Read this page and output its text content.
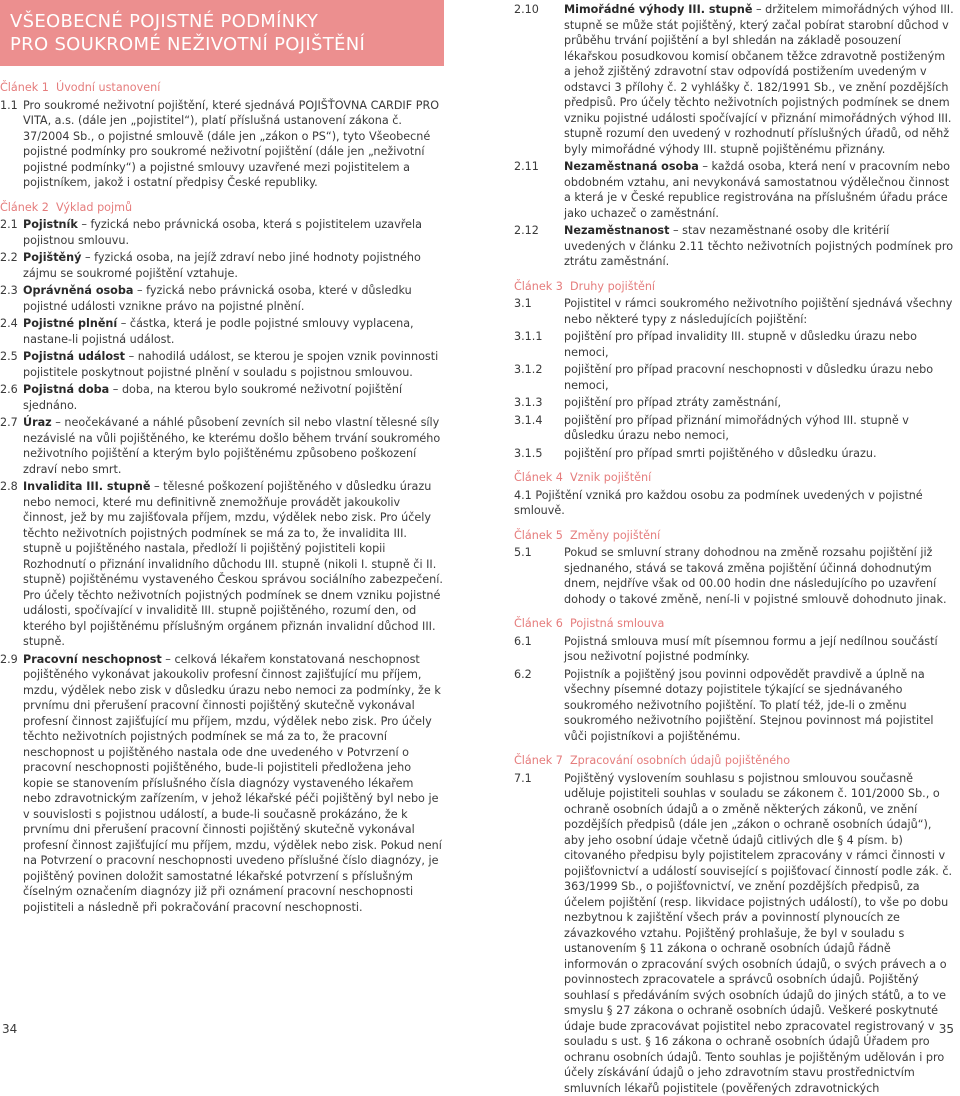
VŠEOBECNÉ POJISTNÉ PODMÍNKY
PRO SOUKROMÉ NEŽIVOTNÍ POJIŠTĚNÍ
Článek 1 Úvodní ustanovení
1.1 Pro soukromé neživotní pojištění, které sjednává POJIŠŤOVNA CARDIF PRO VITA, a.s. (dále jen „pojistitel“), platí příslušná ustanovení zákona č. 37/2004 Sb., o pojistné smlouvě (dále jen „zákon o PS“), tyto Všeobecné pojistné podmínky pro soukromé neživotní pojištění (dále jen „neživotní pojistné podmínky“) a pojistné smlouvy uzavřené mezi pojistitelem a pojistníkem, jakož i ostatní předpisy České republiky.
Článek 2 Výklad pojmů
2.1 Pojistník – fyzická nebo právnická osoba, která s pojistitelem uzavřela pojistnou smlouvu.
2.2 Pojištěný – fyzická osoba, na jejíž zdraví nebo jiné hodnoty pojistného zájmu se soukromé pojištění vztahuje.
2.3 Oprávněná osoba – fyzická nebo právnická osoba, které v důsledku pojistné události vznikne právo na pojistné plnění.
2.4 Pojistné plnění – částka, která je podle pojistné smlouvy vyplacena, nastane-li pojistná událost.
2.5 Pojistná událost – nahodilá událost, se kterou je spojen vznik povinnosti pojistitele poskytnout pojistné plnění v souladu s pojistnou smlouvou.
2.6 Pojistná doba – doba, na kterou bylo soukromé neživotní pojištění sjednáno.
2.7 Úraz – neočekávané a náhlé působení zevních sil nebo vlastní tělesné síly nezávislé na vůli pojištěného, ke kterému došlo během trvání soukromého neživotního pojištění a kterým bylo pojištěnému způsobeno poškození zdraví nebo smrt.
2.8 Invalidita III. stupně – tělesné poškození pojištěného v důsledku úrazu nebo nemoci, které mu definitivně znemožňuje provádět jakoukoliv činnost, jež by mu zajišťovala příjem, mzdu, výdělek nebo zisk. Pro účely těchto neživotních pojistných podmínek se má za to, že invalidita III. stupně u pojištěného nastala, předloží li pojištěný pojistiteli kopii Rozhodnutí o přiznání invalidního důchodu III. stupně (nikoli I. stupně či II. stupně) pojištěnému vystaveného Českou správou sociálního zabezpečení. Pro účely těchto neživotních pojistných podmínek se dnem vzniku pojistné události, spočívající v invaliditě III. stupně pojištěného, rozumí den, od kterého byl pojištěnému příslušným orgánem přiznán invalidní důchod III. stupně.
2.9 Pracovní neschopnost – celková lékařem konstatovaná neschopnost pojištěného vykonávat jakoukoliv profesní činnost zajišťující mu příjem, mzdu, výdělek nebo zisk v důsledku úrazu nebo nemoci za podmínky, že k prvnímu dni přerušení pracovní činnosti pojištěný skutečně vykonával profesní činnost zajišťující mu příjem, mzdu, výdělek nebo zisk. Pro účely těchto neživotních pojistných podmínek se má za to, že pracovní neschopnost u pojištěného nastala ode dne uvedeného v Potvrzení o pracovní neschopnosti pojištěného, bude-li pojistiteli předložena jeho kopie se stanovením příslušného čísla diagnózy vystaveného lékařem nebo zdravotnickým zařízením, v jehož lékařské péči pojištěný byl nebo je v souvislosti s pojistnou událostí, a bude-li současně prokázáno, že k prvnímu dni přerušení pracovní činnosti pojištěný skutečně vykonával profesní činnost zajišťující mu příjem, mzdu, výdělek nebo zisk. Pokud není na Potvrzení o pracovní neschopnosti uvedeno příslušné číslo diagnózy, je pojištěný povinen doložit samostatné lékařské potvrzení s příslušným číselným označením diagnózy již při oznámení pracovní neschopnosti pojistiteli a následně při pokračování pracovní neschopnosti.
2.10	Mimořádné výhody III. stupně – držitelem mimořádných výhod III. stupně se může stát pojištěný, který začal pobírat starobní důchod v průběhu trvání pojištění a byl shledán na základě posouzení lékařskou posudkovou komisí občanem těžce zdravotně postiženým a jehož zjištěný zdravotní stav odpovídá postižením uvedeným v odstavci 3 přílohy č. 2 vyhlášky č. 182/1991 Sb., ve znění pozdějších předpisů. Pro účely těchto neživotních pojistných podmínek se dnem vzniku pojistné události spočívající v přiznání mimořádných výhod III. stupně rozumí den uvedený v rozhodnutí příslušných úřadů, od něhž byly mimořádné výhody III. stupně pojištěnému přiznány.
2.11	Nezaměstnaná osoba – každá osoba, která není v pracovním nebo obdobném vztahu, ani nevykonává samostatnou výdělečnou činnost a která je v České republice registrována na příslušném úřadu práce jako uchazeč o zaměstnání.
2.12	Nezaměstnanost – stav nezaměstnané osoby dle kritérií uvedených v článku 2.11 těchto neživotních pojistných podmínek pro ztrátu zaměstnání.
Článek 3 Druhy pojištění
3.1	Pojistitel v rámci soukromého neživotního pojištění sjednává všechny nebo některé typy z následujících pojištění:
3.1.1	pojištění pro případ invalidity III. stupně v důsledku úrazu nebo nemoci,
3.1.2	pojištění pro případ pracovní neschopnosti v důsledku úrazu nebo nemoci,
3.1.3	pojištění pro případ ztráty zaměstnání,
3.1.4	pojištění pro případ přiznání mimořádných výhod III. stupně v důsledku úrazu nebo nemoci,
3.1.5	pojištění pro případ smrti pojištěného v důsledku úrazu.
Článek 4 Vznik pojištění
4.1 Pojištění vzniká pro každou osobu za podmínek uvedených v pojistné smlouvě.
Článek 5 Změny pojištění
5.1	Pokud se smluvní strany dohodnou na změně rozsahu pojištění již sjednaného, stává se taková změna pojištění účinná dohodnutým dnem, nejdříve však od 00.00 hodin dne následujícího po uzavření dohody o takové změně, není-li v pojistné smlouvě dohodnuto jinak.
Článek 6 Pojistná smlouva
6.1	Pojistná smlouva musí mít písemnou formu a její nedílnou součástí jsou neživotní pojistné podmínky.
6.2	Pojistník a pojištěný jsou povinni odpovědět pravdivě a úplně na všechny písemné dotazy pojistitele týkající se sjednávaného soukromého neživotního pojištění. To platí též, jde-li o změnu soukromého neživotního pojištění. Stejnou povinnost má pojistitel vůči pojistníkovi a pojištěnému.
Článek 7 Zpracování osobních údajů pojištěného
7.1	Pojištěný vyslovením souhlasu s pojistnou smlouvou současně uděluje pojistiteli souhlas v souladu se zákonem č. 101/2000 Sb., o ochraně osobních údajů a o změně některých zákonů, ve znění pozdějších předpisů (dále jen „zákon o ochraně osobních údajů“), aby jeho osobní údaje včetně údajů citlivých dle § 4 písm. b) citovaného předpisu byly pojistitelem zpracovány v rámci činnosti v pojišťovnictví a událostí související s pojišťovací činností podle zák. č. 363/1999 Sb., o pojišťovnictví, ve znění pozdějších předpisů, za účelem pojištění (resp. likvidace pojistných událostí), to vše po dobu nezbytnou k zajištění všech práv a povinností plynoucích ze závazkového vztahu. Pojištěný prohlašuje, že byl v souladu s ustanovením § 11 zákona o ochraně osobních údajů řádně informován o zpracování svých osobních údajů, o svých právech a o povinnostech zpracovatele a správců osobních údajů. Pojištěný souhlasí s předáváním svých osobních údajů do jiných států, a to ve smyslu § 27 zákona o ochraně osobních údajů. Veškeré poskytnuté údaje bude zpracovávat pojistitel nebo zpracovatel registrovaný v souladu s ust. § 16 zákona o ochraně osobních údajů Úřadem pro ochranu osobních údajů. Tento souhlas je pojištěným udělován i pro účely získávání údajů o jeho zdravotním stavu prostřednictvím smluvních lékařů pojistitele (pověřených zdravotnických
34	35
